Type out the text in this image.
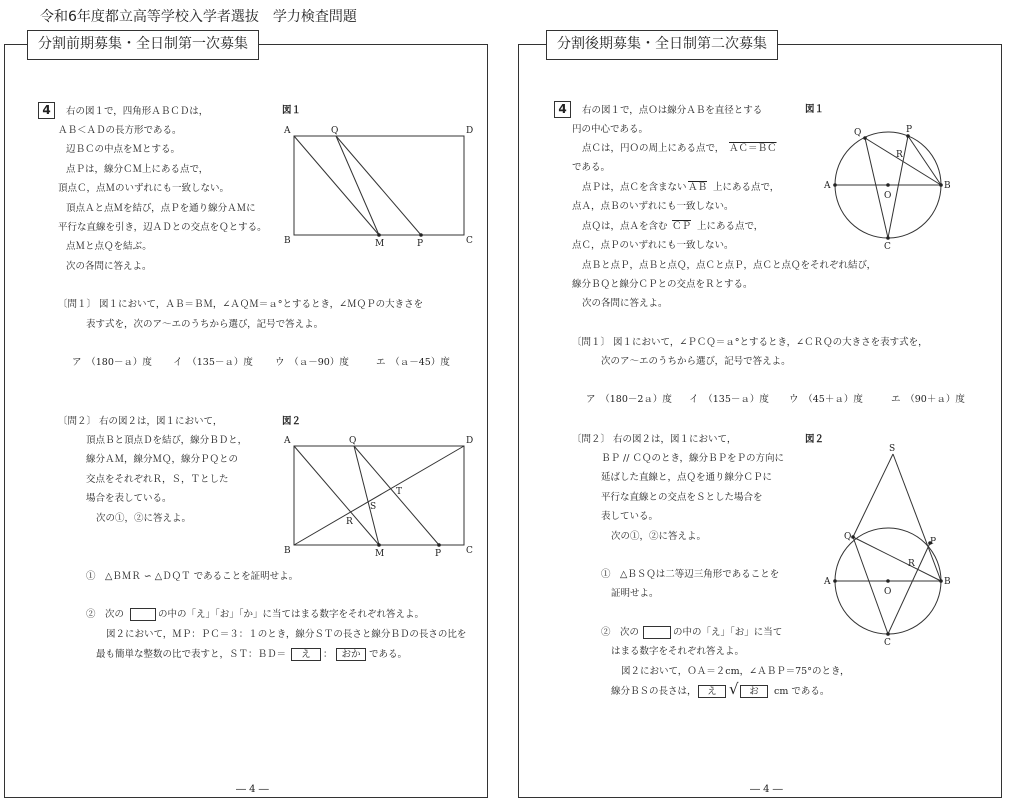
令和6年度都立高等学校入学者選抜　学力検査問題
分割前期募集・全日制第一次募集
4	右の図１で，四角形ＡＢＣＤは，
ＡＢ＜ＡＤの長方形である。
辺ＢＣの中点をＭとする。
点Ｐは，線分ＣＭ上にある点で，
頂点Ｃ，点Ｍのいずれにも一致しない。
頂点Ａと点Ｍを結び，点Ｐを通り線分ＡＭに
平行な直線を引き，辺ＡＤとの交点をＱとする。
点Ｍと点Ｑを結ぶ。
次の各問に答えよ。
図１
A	Q	D
B	M	P	C
〔問１〕 図１において，ＡＢ＝ＢＭ，∠ＡＱＭ＝ａ°とするとき，∠ＭＱＰの大きさを
表す式を，次のア〜エのうちから選び，記号で答えよ。
ア　（180－ａ）度 イ　（135－ａ）度 ウ　（ａ－90）度	エ　（ａ－45）度
〔問２〕 右の図２は，図１において，
頂点Ｂと頂点Ｄを結び，線分ＢＤと，
線分ＡＭ，線分ＭＱ，線分ＰＱとの
交点をそれぞれＲ，Ｓ，Ｔとした
場合を表している。
次の①，②に答えよ。
図２
A	Q	D
B	M	P	C
R
S
T
①　△ＢＭＲ ∽ △ＤＱＴ であることを証明せよ。
②　次の	の中の「え」「お」「か」に当てはまる数字をそれぞれ答えよ。
図２において，ＭＰ：ＰＣ＝３：１のとき，線分ＳＴの長さと線分ＢＤの長さの比を
最も簡単な整数の比で表すと，ＳＴ：ＢＤ＝	え	： おか である。
― 4 ―
分割後期募集・全日制第二次募集
4	右の図１で，点Ｏは線分ＡＢを直径とする
円の中心である。
点Ｃは，円Ｏの周上にある点で， ＡＣ＝ＢＣ
である。
点Ｐは，点Ｃを含まない $\overline{AB}$ 上にある点で，
点Ａ，点Ｂのいずれにも一致しない。
点Ｑは，点Ａを含む $\overline{CP}$ 上にある点で，
点Ｃ，点Ｐのいずれにも一致しない。
点Ｂと点Ｐ，点Ｂと点Ｑ，点Ｃと点Ｐ，点Ｃと点Ｑをそれぞれ結び，
線分ＢＱと線分ＣＰとの交点をＲとする。
次の各問に答えよ。
図１
A	B
O
C
P
Q
R
〔問１〕 図１において，∠ＰＣＱ＝ａ°とするとき，∠ＣＲＱの大きさを表す式を，
次のア〜エのうちから選び，記号で答えよ。
ア　（180－2ａ）度 イ　（135－ａ）度 ウ　（45＋ａ）度	エ　（90＋ａ）度
〔問２〕 右の図２は，図１において，
ＢＰ // ＣＱのとき，線分ＢＰをＰの方向に
延ばした直線と，点Ｑを通り線分ＣＰに
平行な直線との交点をＳとした場合を
表している。
次の①，②に答えよ。
図２
S
A	B
O
C
P
Q
R
①　△ＢＳＱは二等辺三角形であることを
証明せよ。
②　次の	の中の「え」「お」に当て
はまる数字をそれぞれ答えよ。
図２において，ＯＡ＝２cm，∠ＡＢＰ＝75°のとき，
線分ＢＳの長さは，	え √	お	cm である。
― 4 ―
